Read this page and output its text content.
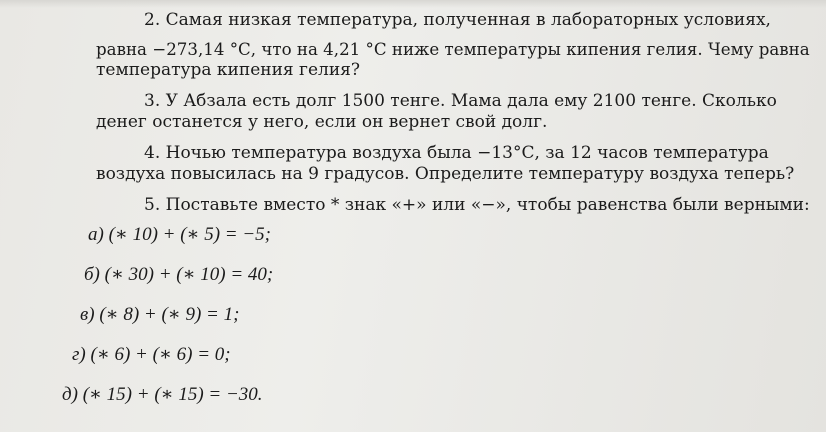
2. Самая низкая температура, полученная в лабораторных условиях,
равна −273,14 °С, что на 4,21 °С ниже температуры кипения гелия. Чему равна
температура кипения гелия?
3. У Абзала есть долг 1500 тенге. Мама дала ему 2100 тенге. Сколько
денег останется у него, если он вернет свой долг.
4. Ночью температура воздуха была −13°С, за 12 часов температура
воздуха повысилась на 9 градусов. Определите температуру воздуха теперь?
5. Поставьте вместо * знак «+» или «−», чтобы равенства были верными:
а) (∗ 10) + (∗ 5) = −5;
б) (∗ 30) + (∗ 10) = 40;
в) (∗ 8) + (∗ 9) = 1;
г) (∗ 6) + (∗ 6) = 0;
д) (∗ 15) + (∗ 15) = −30.
